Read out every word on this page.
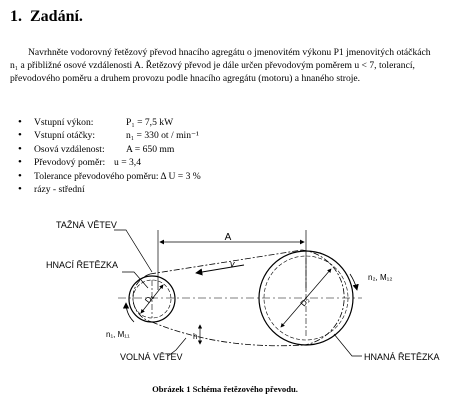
1. Zadání.
Navrhněte vodorovný řetězový převod hnacího agregátu o jmenovitém výkonu P1 jmenovitých otáčkách n₁ a přibližné osové vzdálenosti A. Řetězový převod je dále určen převodovým poměrem u < 7, tolerancí, převodového poměru a druhem provozu podle hnacího agregátu (motoru) a hnaného stroje.
• Vstupní výkon:	P₁ = 7,5 kW
• Vstupní otáčky:	n₁ = 330 ot / min⁻¹
• Osová vzdálenost: A = 650 mm
• Převodový poměr: u = 3,4
• Tolerance převodového poměru: Δ U = 3 %
• rázy - střední
A
D₁	D₂
v
h
n₁, M₁₁
n₂, M₁₂
TAŽNÁ VĚTEV
HNACÍ ŘETĚZKA
VOLNÁ VĚTEV	HNANÁ ŘETĚZKA
Obrázek 1 Schéma řetězového převodu.
